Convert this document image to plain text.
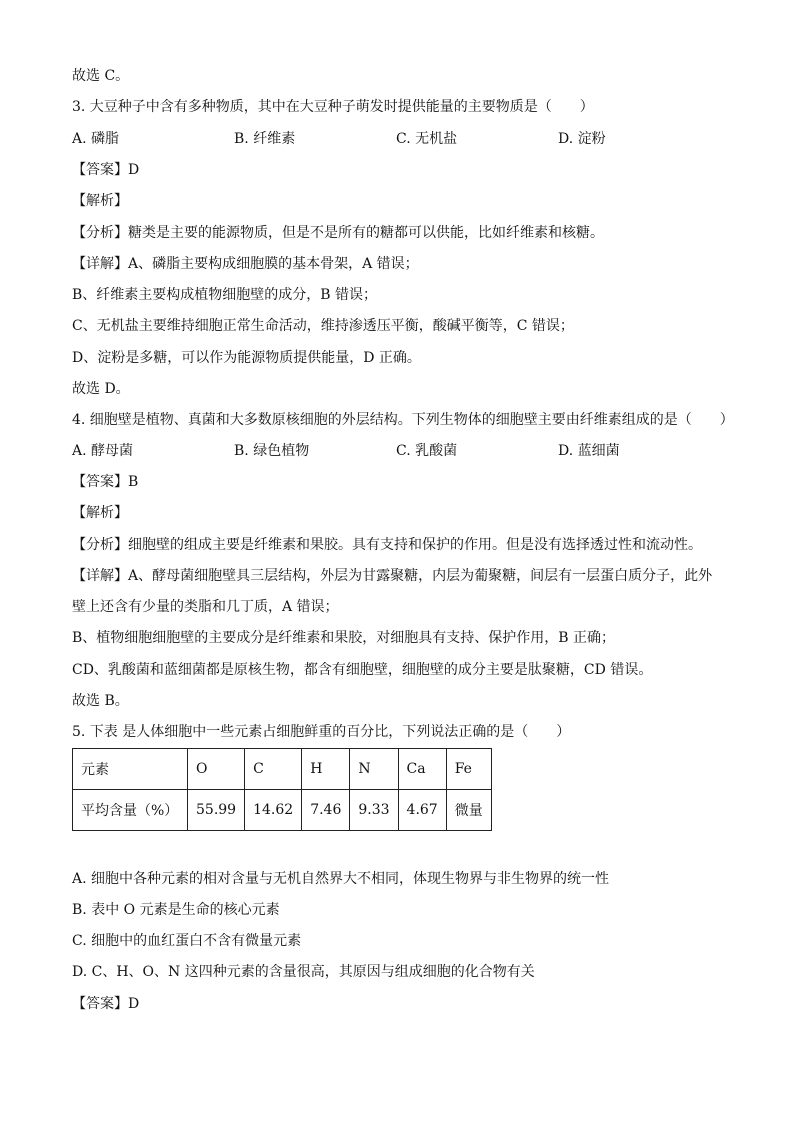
故选 C。
3. 大豆种子中含有多种物质，其中在大豆种子萌发时提供能量的主要物质是（　　）
A. 磷脂	B. 纤维素	C. 无机盐	D. 淀粉
【答案】D
【解析】
【分析】糖类是主要的能源物质，但是不是所有的糖都可以供能，比如纤维素和核糖。
【详解】A、磷脂主要构成细胞膜的基本骨架，A 错误；
B、纤维素主要构成植物细胞壁的成分，B 错误；
C、无机盐主要维持细胞正常生命活动，维持渗透压平衡，酸碱平衡等，C 错误；
D、淀粉是多糖，可以作为能源物质提供能量，D 正确。
故选 D。
4. 细胞壁是植物、真菌和大多数原核细胞的外层结构。下列生物体的细胞壁主要由纤维素组成的是（　　）
A. 酵母菌	B. 绿色植物	C. 乳酸菌	D. 蓝细菌
【答案】B
【解析】
【分析】细胞壁的组成主要是纤维素和果胶。具有支持和保护的作用。但是没有选择透过性和流动性。
【详解】A、酵母菌细胞壁具三层结构，外层为甘露聚糖，内层为葡聚糖，间层有一层蛋白质分子，此外
壁上还含有少量的类脂和几丁质，A 错误；
B、植物细胞细胞壁的主要成分是纤维素和果胶，对细胞具有支持、保护作用，B 正确；
CD、乳酸菌和蓝细菌都是原核生物，都含有细胞壁，细胞壁的成分主要是肽聚糖，CD 错误。
故选 B。
5. 下表 是人体细胞中一些元素占细胞鲜重的百分比，下列说法正确的是（　　）
元素	O	C	H	N	Ca	Fe
平均含量（%）	55.99	14.62	7.46	9.33	4.67	微量
A. 细胞中各种元素的相对含量与无机自然界大不相同，体现生物界与非生物界的统一性
B. 表中 O 元素是生命的核心元素
C. 细胞中的血红蛋白不含有微量元素
D. C、H、O、N 这四种元素的含量很高，其原因与组成细胞的化合物有关
【答案】D
